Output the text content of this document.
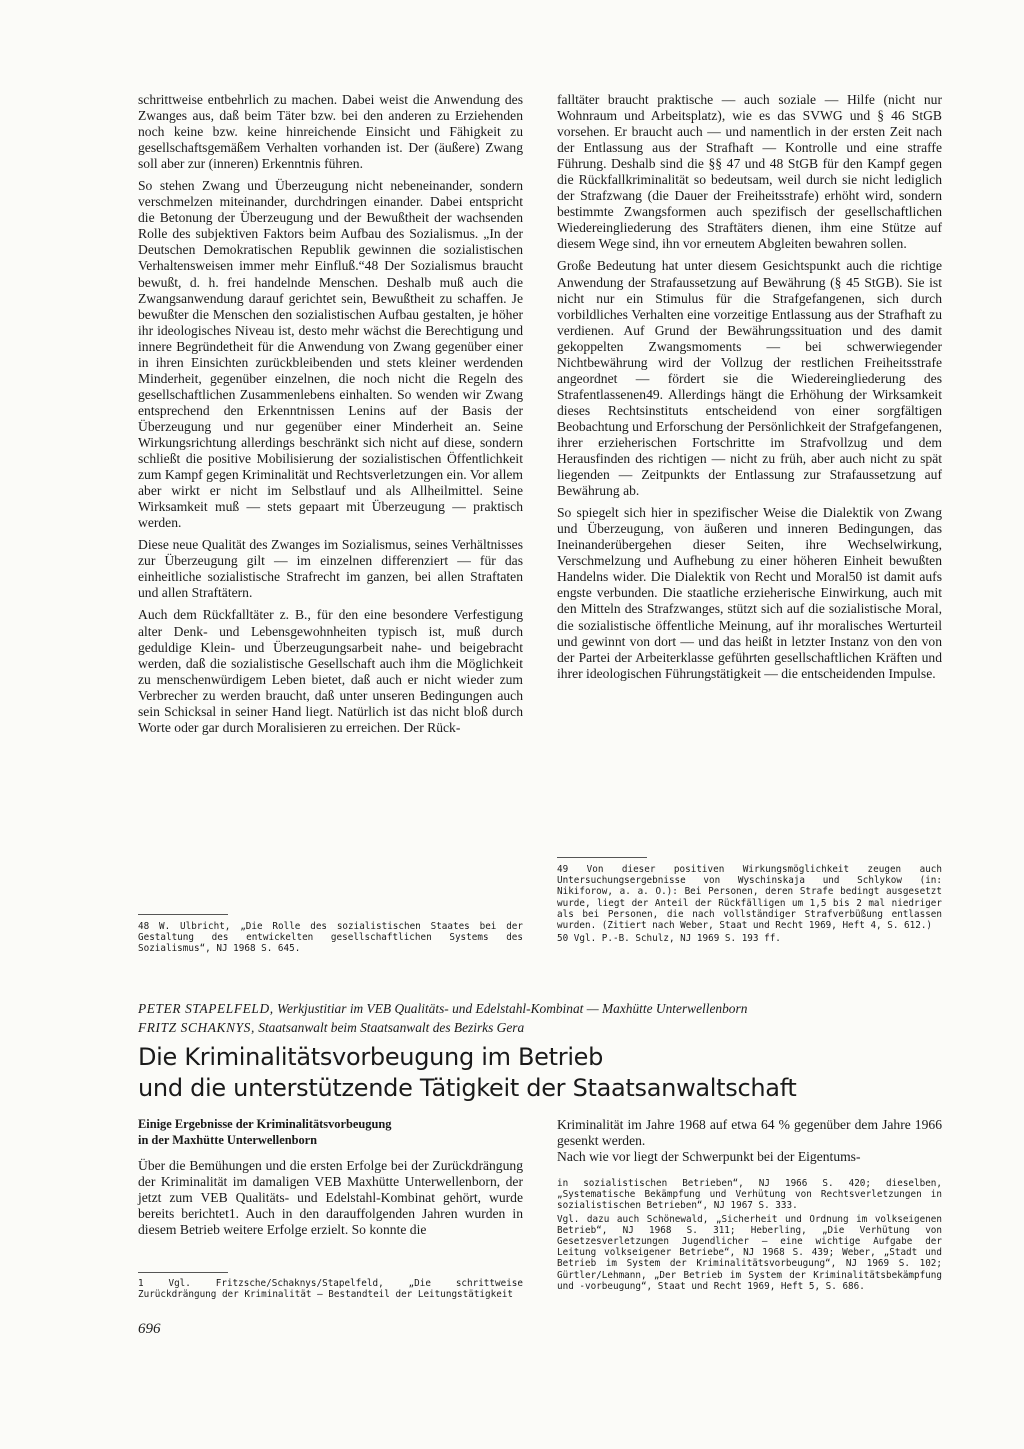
schrittweise entbehrlich zu machen. Dabei weist die Anwendung des Zwanges aus, daß beim Täter bzw. bei den anderen zu Erziehenden noch keine bzw. keine hinreichende Einsicht und Fähigkeit zu gesellschaftsgemäßem Verhalten vorhanden ist. Der (äußere) Zwang soll aber zur (inneren) Erkenntnis führen.

So stehen Zwang und Überzeugung nicht nebeneinander, sondern verschmelzen miteinander, durchdringen einander. Dabei entspricht die Betonung der Überzeugung und der Bewußtheit der wachsenden Rolle des subjektiven Faktors beim Aufbau des Sozialismus. „In der Deutschen Demokratischen Republik gewinnen die sozialistischen Verhaltensweisen immer mehr Einfluß.“48 Der Sozialismus braucht bewußt, d. h. frei handelnde Menschen. Deshalb muß auch die Zwangsanwendung darauf gerichtet sein, Bewußtheit zu schaffen. Je bewußter die Menschen den sozialistischen Aufbau gestalten, je höher ihr ideologisches Niveau ist, desto mehr wächst die Berechtigung und innere Begründetheit für die Anwendung von Zwang gegenüber einer in ihren Einsichten zurückbleibenden und stets kleiner werdenden Minderheit, gegenüber einzelnen, die noch nicht die Regeln des gesellschaftlichen Zusammenlebens einhalten. So wenden wir Zwang entsprechend den Erkenntnissen Lenins auf der Basis der Überzeugung und nur gegenüber einer Minderheit an. Seine Wirkungsrichtung allerdings beschränkt sich nicht auf diese, sondern schließt die positive Mobilisierung der sozialistischen Öffentlichkeit zum Kampf gegen Kriminalität und Rechtsverletzungen ein. Vor allem aber wirkt er nicht im Selbstlauf und als Allheilmittel. Seine Wirksamkeit muß — stets gepaart mit Überzeugung — praktisch werden.

Diese neue Qualität des Zwanges im Sozialismus, seines Verhältnisses zur Überzeugung gilt — im einzelnen differenziert — für das einheitliche sozialistische Strafrecht im ganzen, bei allen Straftaten und allen Straftätern.

Auch dem Rückfalltäter z. B., für den eine besondere Verfestigung alter Denk- und Lebensgewohnheiten typisch ist, muß durch geduldige Klein- und Überzeugungsarbeit nahe- und beigebracht werden, daß die sozialistische Gesellschaft auch ihm die Möglichkeit zu menschenwürdigem Leben bietet, daß auch er nicht wieder zum Verbrecher zu werden braucht, daß unter unseren Bedingungen auch sein Schicksal in seiner Hand liegt. Natürlich ist das nicht bloß durch Worte oder gar durch Moralisieren zu erreichen. Der Rück-

falltäter braucht praktische — auch soziale — Hilfe (nicht nur Wohnraum und Arbeitsplatz), wie es das SVWG und § 46 StGB vorsehen. Er braucht auch — und namentlich in der ersten Zeit nach der Entlassung aus der Strafhaft — Kontrolle und eine straffe Führung. Deshalb sind die §§ 47 und 48 StGB für den Kampf gegen die Rückfallkriminalität so bedeutsam, weil durch sie nicht lediglich der Strafzwang (die Dauer der Freiheitsstrafe) erhöht wird, sondern bestimmte Zwangsformen auch spezifisch der gesellschaftlichen Wiedereingliederung des Straftäters dienen, ihm eine Stütze auf diesem Wege sind, ihn vor erneutem Abgleiten bewahren sollen.

Große Bedeutung hat unter diesem Gesichtspunkt auch die richtige Anwendung der Strafaussetzung auf Bewährung (§ 45 StGB). Sie ist nicht nur ein Stimulus für die Strafgefangenen, sich durch vorbildliches Verhalten eine vorzeitige Entlassung aus der Strafhaft zu verdienen. Auf Grund der Bewährungssituation und des damit gekoppelten Zwangsmoments — bei schwerwiegender Nichtbewährung wird der Vollzug der restlichen Freiheitsstrafe angeordnet — fördert sie die Wiedereingliederung des Strafentlassenen49. Allerdings hängt die Erhöhung der Wirksamkeit dieses Rechtsinstituts entscheidend von einer sorgfältigen Beobachtung und Erforschung der Persönlichkeit der Strafgefangenen, ihrer erzieherischen Fortschritte im Strafvollzug und dem Herausfinden des richtigen — nicht zu früh, aber auch nicht zu spät liegenden — Zeitpunkts der Entlassung zur Strafaussetzung auf Bewährung ab.

So spiegelt sich hier in spezifischer Weise die Dialektik von Zwang und Überzeugung, von äußeren und inneren Bedingungen, das Ineinanderübergehen dieser Seiten, ihre Wechselwirkung, Verschmelzung und Aufhebung zu einer höheren Einheit bewußten Handelns wider. Die Dialektik von Recht und Moral50 ist damit aufs engste verbunden. Die staatliche erzieherische Einwirkung, auch mit den Mitteln des Strafzwanges, stützt sich auf die sozialistische Moral, die sozialistische öffentliche Meinung, auf ihr moralisches Werturteil und gewinnt von dort — und das heißt in letzter Instanz von den von der Partei der Arbeiterklasse geführten gesellschaftlichen Kräften und ihrer ideologischen Führungstätigkeit — die entscheidenden Impulse.

48 W. Ulbricht, „Die Rolle des sozialistischen Staates bei der Gestaltung des entwickelten gesellschaftlichen Systems des Sozialismus“, NJ 1968 S. 645.

49 Von dieser positiven Wirkungsmöglichkeit zeugen auch Untersuchungsergebnisse von Wyschinskaja und Schlykow (in: Nikiforow, a. a. O.): Bei Personen, deren Strafe bedingt ausgesetzt wurde, liegt der Anteil der Rückfälligen um 1,5 bis 2 mal niedriger als bei Personen, die nach vollständiger Strafverbüßung entlassen wurden. (Zitiert nach Weber, Staat und Recht 1969, Heft 4, S. 612.)

50 Vgl. P.-B. Schulz, NJ 1969 S. 193 ff.

PETER STAPELFELD, Werkjustitiar im VEB Qualitäts- und Edelstahl-Kombinat — Maxhütte Unterwellenborn
FRITZ SCHAKNYS, Staatsanwalt beim Staatsanwalt des Bezirks Gera
Die Kriminalitätsvorbeugung im Betrieb
und die unterstützende Tätigkeit der Staatsanwaltschaft
Einige Ergebnisse der Kriminalitätsvorbeugung
in der Maxhütte Unterwellenborn
Über die Bemühungen und die ersten Erfolge bei der Zurückdrängung der Kriminalität im damaligen VEB Maxhütte Unterwellenborn, der jetzt zum VEB Qualitäts- und Edelstahl-Kombinat gehört, wurde bereits berichtet1. Auch in den darauffolgenden Jahren wurden in diesem Betrieb weitere Erfolge erzielt. So konnte die
Kriminalität im Jahre 1968 auf etwa 64 % gegenüber dem Jahre 1966 gesenkt werden.
Nach wie vor liegt der Schwerpunkt bei der Eigentums-
1 Vgl. Fritzsche/Schaknys/Stapelfeld, „Die schrittweise Zurückdrängung der Kriminalität — Bestandteil der Leitungstätigkeit

in sozialistischen Betrieben“, NJ 1966 S. 420; dieselben, „Systematische Bekämpfung und Verhütung von Rechtsverletzungen in sozialistischen Betrieben“, NJ 1967 S. 333.

Vgl. dazu auch Schönewald, „Sicherheit und Ordnung im volkseigenen Betrieb“, NJ 1968 S. 311; Heberling, „Die Verhütung von Gesetzesverletzungen Jugendlicher — eine wichtige Aufgabe der Leitung volkseigener Betriebe“, NJ 1968 S. 439; Weber, „Stadt und Betrieb im System der Kriminalitätsvorbeugung“, NJ 1969 S. 102; Gürtler/Lehmann, „Der Betrieb im System der Kriminalitätsbekämpfung und -vorbeugung“, Staat und Recht 1969, Heft 5, S. 686.

696
